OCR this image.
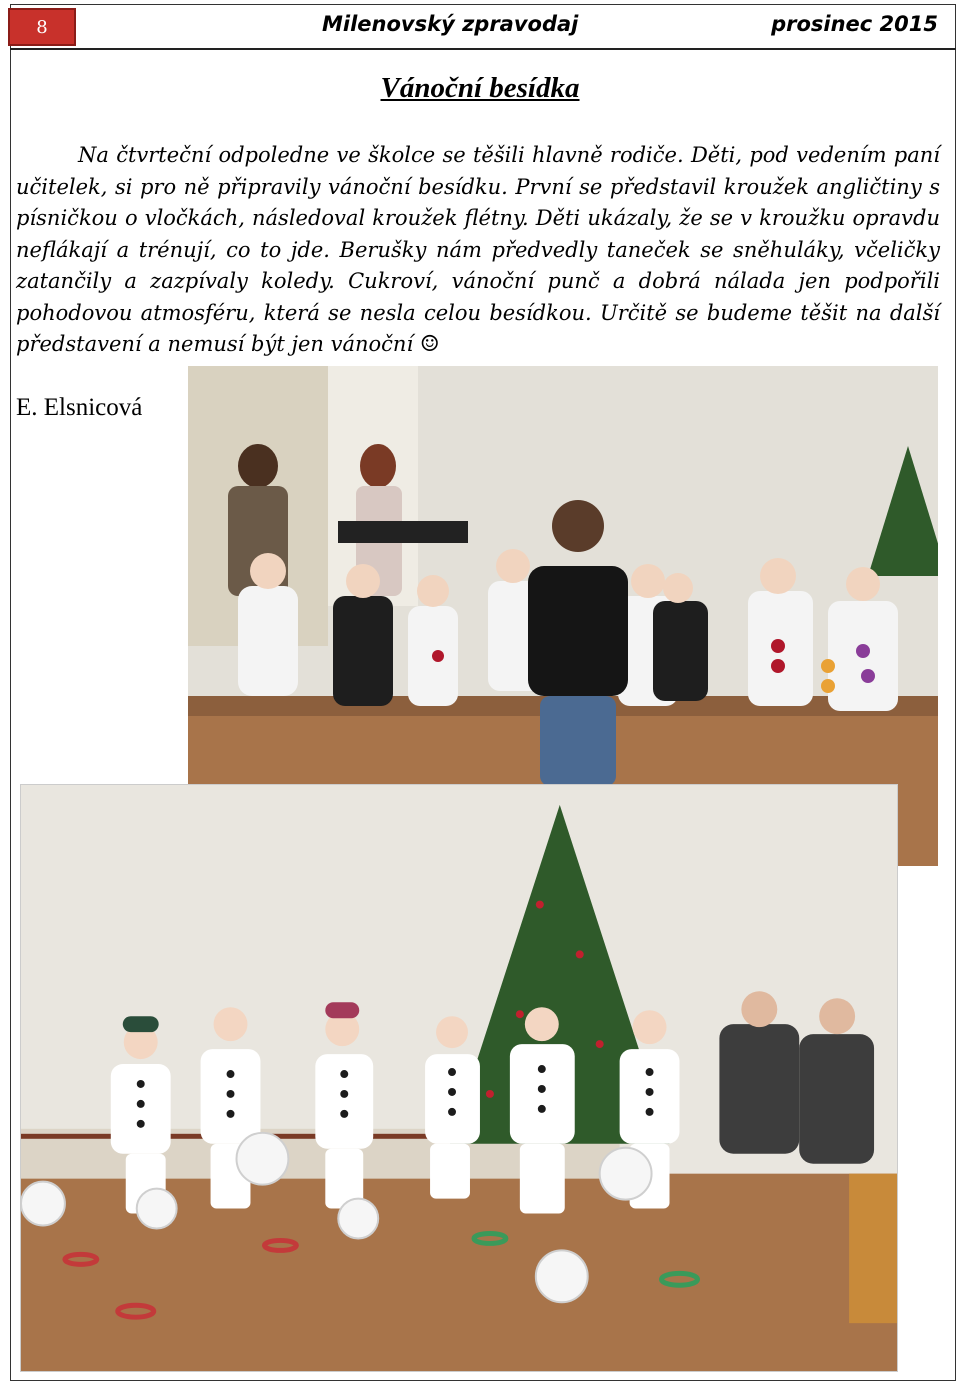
8	Milenovský zpravodaj	prosinec 2015
Vánoční besídka

Na čtvrteční odpoledne ve školce se těšili hlavně rodiče. Děti, pod vedením paní učitelek, si pro ně připravily vánoční besídku. První se představil kroužek angličtiny s písničkou o vločkách, následoval kroužek flétny. Děti ukázaly, že se v kroužku opravdu neflákají a trénují, co to jde. Berušky nám předvedly taneček se sněhuláky, včeličky zatančily a zazpívaly koledy. Cukroví, vánoční punč a dobrá nálada jen podpořili pohodovou atmosféru, která se nesla celou besídkou. Určitě se budeme těšit na další představení a nemusí být jen vánoční ☺

E. Elsnicová
